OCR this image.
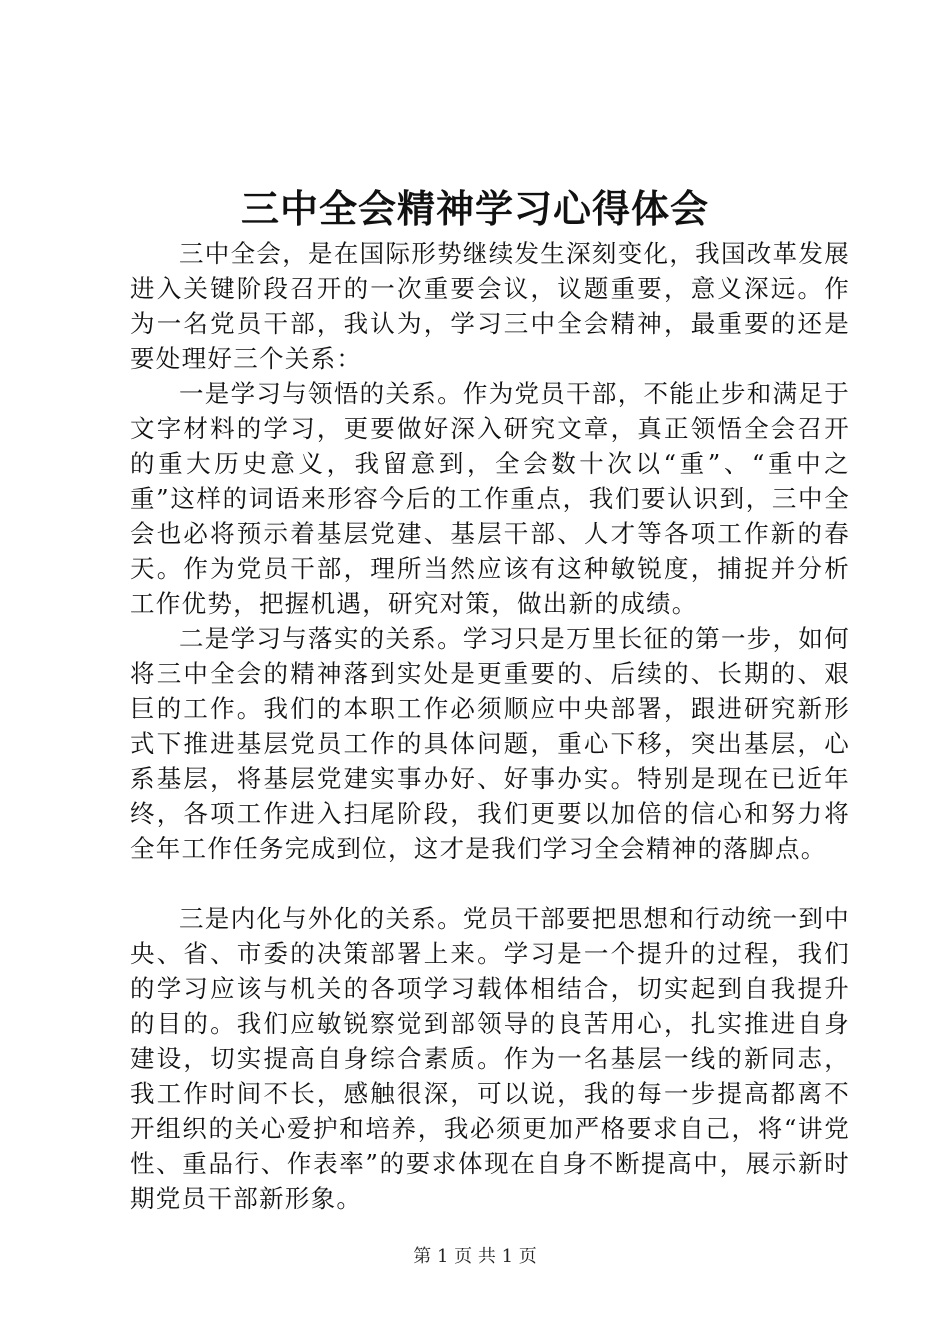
三中全会精神学习心得体会

三中全会，是在国际形势继续发生深刻变化，我国改革发展进入关键阶段召开的一次重要会议，议题重要，意义深远。作为一名党员干部，我认为，学习三中全会精神，最重要的还是要处理好三个关系：

一是学习与领悟的关系。作为党员干部，不能止步和满足于文字材料的学习，更要做好深入研究文章，真正领悟全会召开的重大历史意义，我留意到，全会数十次以“重”、“重中之重”这样的词语来形容今后的工作重点，我们要认识到，三中全会也必将预示着基层党建、基层干部、人才等各项工作新的春天。作为党员干部，理所当然应该有这种敏锐度，捕捉并分析工作优势，把握机遇，研究对策，做出新的成绩。

二是学习与落实的关系。学习只是万里长征的第一步，如何将三中全会的精神落到实处是更重要的、后续的、长期的、艰巨的工作。我们的本职工作必须顺应中央部署，跟进研究新形式下推进基层党员工作的具体问题，重心下移，突出基层，心系基层，将基层党建实事办好、好事办实。特别是现在已近年终，各项工作进入扫尾阶段，我们更要以加倍的信心和努力将全年工作任务完成到位，这才是我们学习全会精神的落脚点。

三是内化与外化的关系。党员干部要把思想和行动统一到中央、省、市委的决策部署上来。学习是一个提升的过程，我们的学习应该与机关的各项学习载体相结合，切实起到自我提升的目的。我们应敏锐察觉到部领导的良苦用心，扎实推进自身建设，切实提高自身综合素质。作为一名基层一线的新同志，我工作时间不长，感触很深，可以说，我的每一步提高都离不开组织的关心爱护和培养，我必须更加严格要求自己，将“讲党性、重品行、作表率”的要求体现在自身不断提高中，展示新时期党员干部新形象。

第 1 页 共 1 页
